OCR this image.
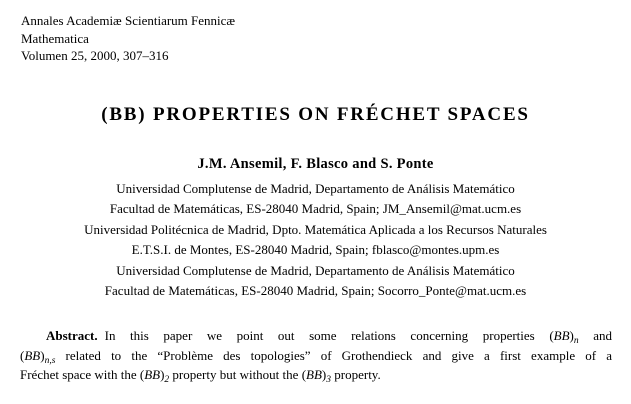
Annales Academiæ Scientiarum Fennicæ
Mathematica
Volumen 25, 2000, 307–316
(BB) PROPERTIES ON FRÉCHET SPACES
J.M. Ansemil, F. Blasco and S. Ponte
Universidad Complutense de Madrid, Departamento de Análisis Matemático
Facultad de Matemáticas, ES-28040 Madrid, Spain; JM_Ansemil@mat.ucm.es
Universidad Politécnica de Madrid, Dpto. Matemática Aplicada a los Recursos Naturales
E.T.S.I. de Montes, ES-28040 Madrid, Spain; fblasco@montes.upm.es
Universidad Complutense de Madrid, Departamento de Análisis Matemático
Facultad de Matemáticas, ES-28040 Madrid, Spain; Socorro_Ponte@mat.ucm.es
Abstract. In this paper we point out some relations concerning properties $(BB)_n$ and
$(BB)_{n,s}$ related to the “Problème des topologies” of Grothendieck and give a first example of a
Fréchet space with the $(BB)_2$ property but without the $(BB)_3$ property.
